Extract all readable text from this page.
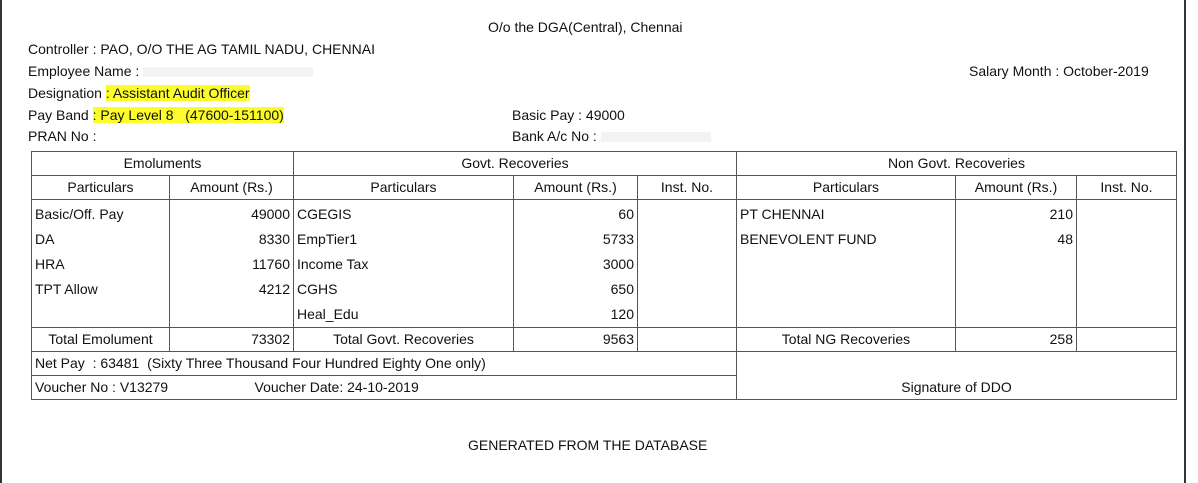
O/o the DGA(Central), Chennai
Controller : PAO, O/O THE AG TAMIL NADU, CHENNAI
Employee Name :	Salary Month : October-2019
Designation : Assistant Audit Officer
Pay Band : Pay Level 8   (47600-151100)	Basic Pay : 49000
PRAN No :	Bank A/c No :
Emoluments		Govt. Recoveries			Non Govt. Recoveries		
Particulars	Amount (Rs.)	Particulars	Amount (Rs.)	Inst. No.	Particulars	Amount (Rs.)	Inst. No.
Basic/Off. Pay	49000	CGEGIS	60		PT CHENNAI	210	
DA	8330	EmpTier1	5733		BENEVOLENT FUND	48	
HRA	11760	Income Tax	3000				
TPT Allow	4212	CGHS	650				
		Heal_Edu	120				
Total Emolument	73302	Total Govt. Recoveries	9563		Total NG Recoveries	258	
Net Pay  : 63481  (Sixty Three Thousand Four Hundred Eighty One only)					Signature of DDO		
Voucher No : V13279		Voucher Date: 24-10-2019					
GENERATED FROM THE DATABASE
